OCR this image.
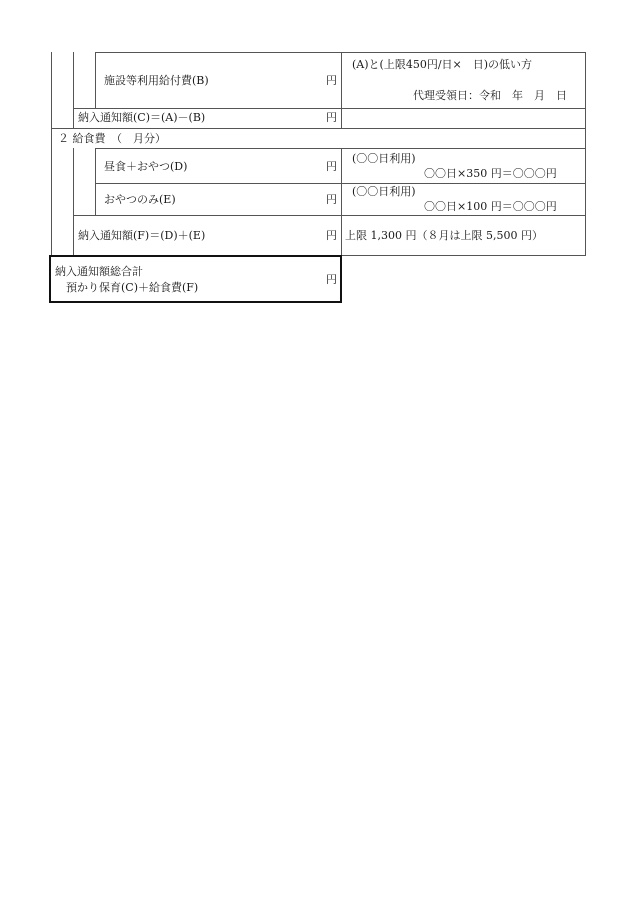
施設等利用給付費(B)	円
(A)と(上限450円/日×　日)の低い方
代理受領日：令和　年　月　日
納入通知額(C)＝(A)－(B)	円
２ 給食費　（　月分）
昼食＋おやつ(D)	円
(〇〇日利用)
〇〇日×350 円＝〇〇〇円
おやつのみ(E)	円
(〇〇日利用)
〇〇日×100 円＝〇〇〇円
納入通知額(F)＝(D)＋(E)	円 上限 1,300 円（８月は上限 5,500 円）
納入通知額総合計
預かり保育(C)＋給食費(F)
円
